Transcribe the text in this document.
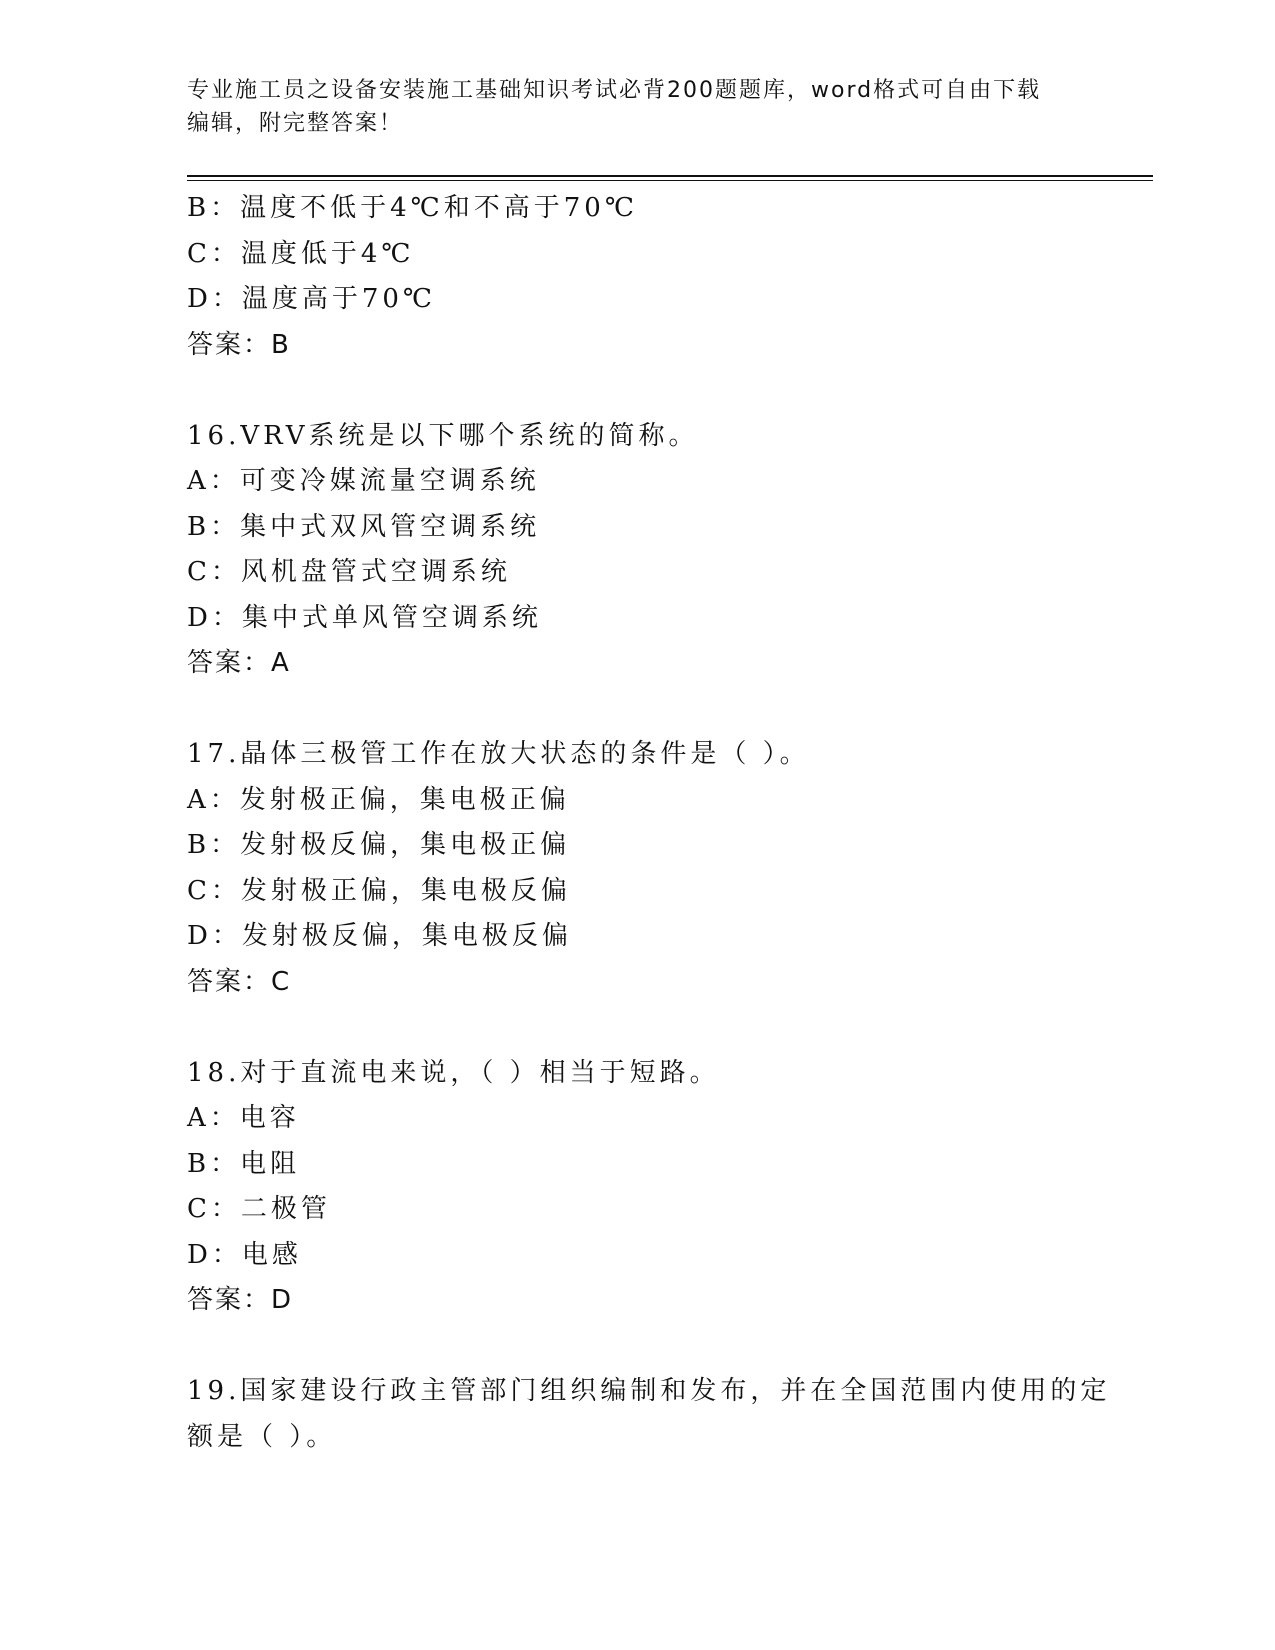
专业施工员之设备安装施工基础知识考试必背200题题库，word格式可自由下载
编辑，附完整答案！
B：温度不低于4℃和不高于70℃
C：温度低于4℃
D：温度高于70℃
答案：B
16.VRV系统是以下哪个系统的简称。
A：可变冷媒流量空调系统
B：集中式双风管空调系统
C：风机盘管式空调系统
D：集中式单风管空调系统
答案：A
17.晶体三极管工作在放大状态的条件是（ ）。
A：发射极正偏，集电极正偏
B：发射极反偏，集电极正偏
C：发射极正偏，集电极反偏
D：发射极反偏，集电极反偏
答案：C
18.对于直流电来说，（ ）相当于短路。
A：电容
B：电阻
C：二极管
D：电感
答案：D
19.国家建设行政主管部门组织编制和发布，并在全国范围内使用的定
额是（ ）。
